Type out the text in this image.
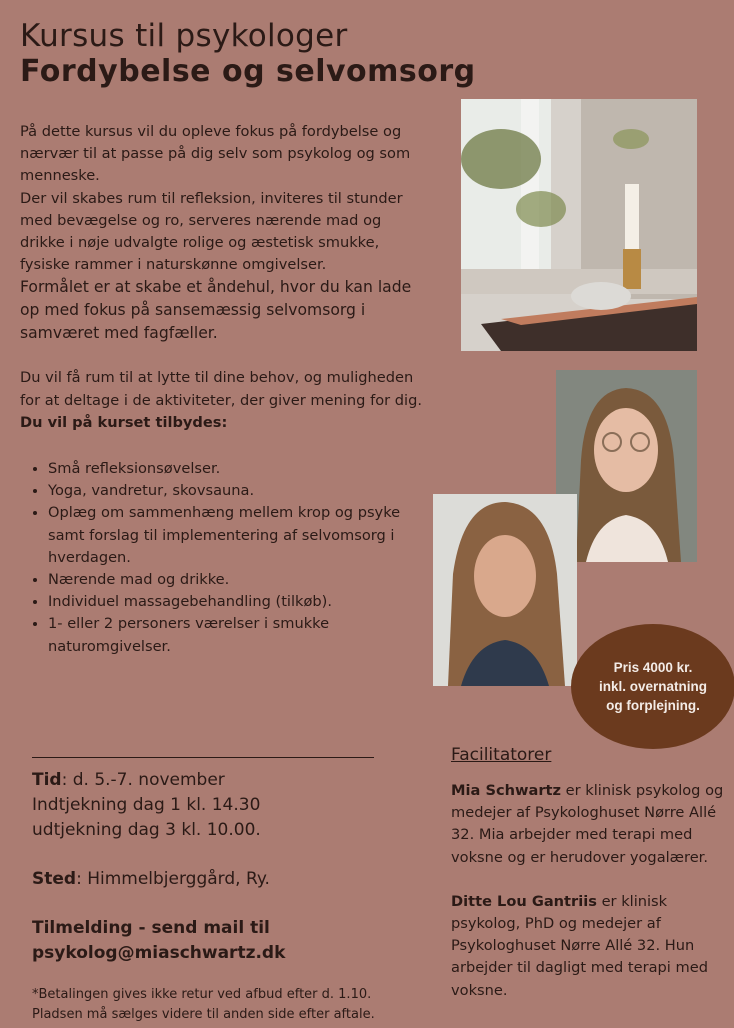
Kursus til psykologer
Fordybelse og selvomsorg

På dette kursus vil du opleve fokus på fordybelse og nærvær til at passe på dig selv som psykolog og som menneske.

Der vil skabes rum til refleksion, inviteres til stunder med bevægelse og ro, serveres nærende mad og drikke i nøje udvalgte rolige og æstetisk smukke, fysiske rammer i naturskønne omgivelser.

Formålet er at skabe et åndehul, hvor du kan lade op med fokus på sansemæssig selvomsorg i samværet med fagfæller.

Du vil få rum til at lytte til dine behov, og muligheden for at deltage i de aktiviteter, der giver mening for dig.

Du vil på kurset tilbydes:

• Små refleksionsøvelser.
• Yoga, vandretur, skovsauna.
• Oplæg om sammenhæng mellem krop og psyke samt forslag til implementering af selvomsorg i hverdagen.
• Nærende mad og drikke.
• Individuel massagebehandling (tilkøb).
• 1- eller 2 personers værelser i smukke naturomgivelser.
Pris 4000 kr.
inkl. overnatning
og forplejning.

Tid: d. 5.-7. november

Indtjekning dag 1 kl. 14.30

udtjekning dag 3 kl. 10.00.

Sted: Himmelbjerggård, Ry.

Tilmelding - send mail til
psykolog@miaschwartz.dk

*Betalingen gives ikke retur ved afbud efter d. 1.10.
Pladsen må sælges videre til anden side efter aftale.
Facilitatorer

Mia Schwartz er klinisk psykolog og medejer af Psykologhuset Nørre Allé 32. Mia arbejder med terapi med voksne og er herudover yogalærer.

Ditte Lou Gantriis er klinisk psykolog, PhD og medejer af Psykologhuset Nørre Allé 32. Hun arbejder til dagligt med terapi med voksne.
